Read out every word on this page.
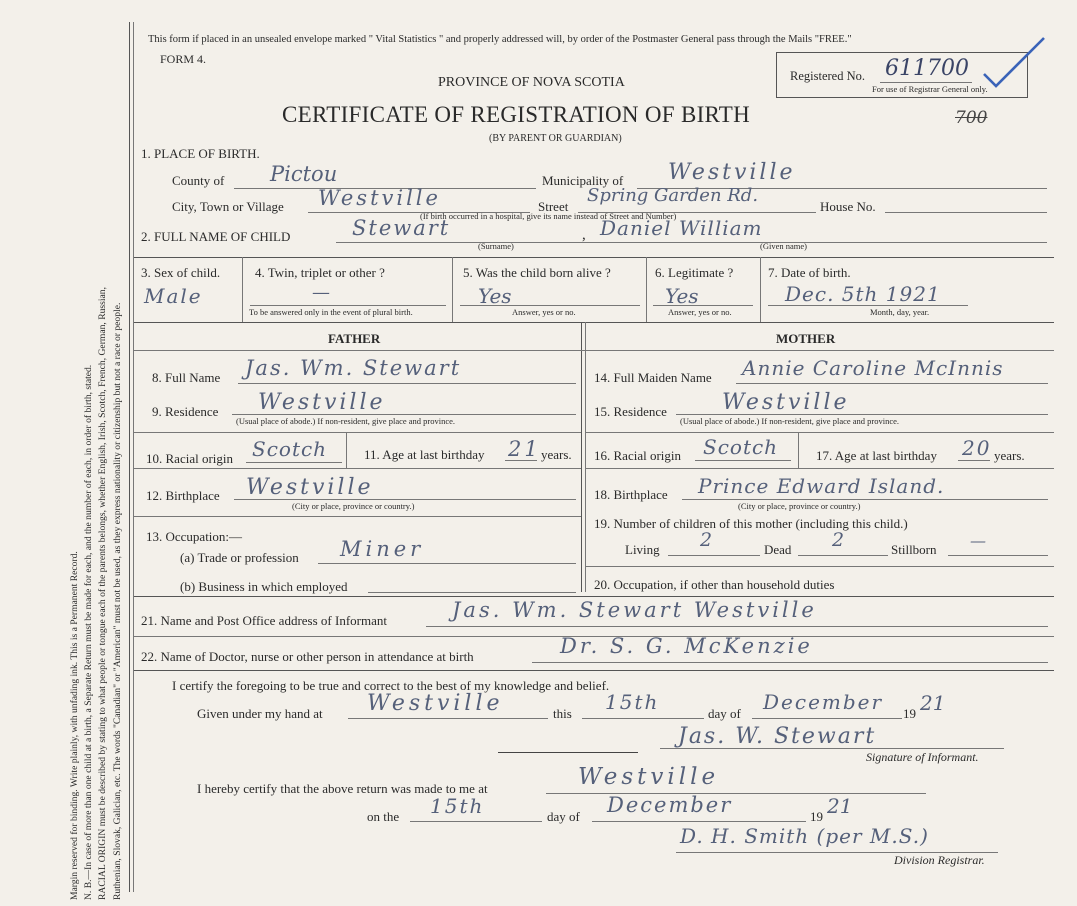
Margin reserved for binding. Write plainly, with unfading ink. This is a Permanent Record. N. B.—In case of more than one child at a birth, a Separate Return must be made for each, and the number of each, in order of birth, stated. RACIAL ORIGIN must be described by stating to what people or tongue each of the parents belongs, whether English, Irish, Scotch, French, German, Russian, Ruthenian, Slovak, Galician, etc. The words "Canadian" or "American" must not be used, as they express nationality or citizenship but not a race or people.
This form if placed in an unsealed envelope marked " Vital Statistics " and properly addressed will, by order of the Postmaster General pass through the Mails "FREE."
FORM 4.
PROVINCE OF NOVA SCOTIA
CERTIFICATE OF REGISTRATION OF BIRTH
(BY PARENT OR GUARDIAN)
Registered No. 611700
For use of Registrar General only.
700
1. PLACE OF BIRTH.
County of Pictou	Municipality of Westville
City, Town or Village Westville	Street
Spring Garden Rd.
House No.
(If birth occurred in a hospital, give its name instead of Street and Number)
2. FULL NAME OF CHILD	Stewart	, Daniel William
(Surname)	(Given name)
3. Sex of child.
Male
4. Twin, triplet or other ?
—
To be answered only in the event of plural birth.
5. Was the child born alive ?
Yes
Answer, yes or no.
6. Legitimate ?
Yes
Answer, yes or no.
7. Date of birth.
Dec. 5th 1921
Month, day, year.
FATHER	MOTHER
8. Full Name Jas. Wm. Stewart
9. Residence Westville
(Usual place of abode.) If non-resident, give place and province.
10. Racial origin Scotch	11. Age at last birthday 21 years.
12. Birthplace Westville
(City or place, province or country.)
13. Occupation:—
(a) Trade or profession Miner
(b) Business in which employed
14. Full Maiden Name Annie Caroline McInnis
15. Residence	Westville
(Usual place of abode.) If non-resident, give place and province.
16. Racial origin Scotch	17. Age at last birthday 20 years.
18. Birthplace Prince Edward Island.
(City or place, province or country.)
19. Number of children of this mother (including this child.)
Living 2	Dead 2	Stillborn —
20. Occupation, if other than household duties
21. Name and Post Office address of Informant	Jas. Wm. Stewart Westville
22. Name of Doctor, nurse or other person in attendance at birth	Dr. S. G. McKenzie
I certify the foregoing to be true and correct to the best of my knowledge and belief.
Given under my hand at Westville	this 15th	day of December 19 21
Jas. W. Stewart
Signature of Informant.
I hereby certify that the above return was made to me at	Westville
on the 15th	day of December	19 21
D. H. Smith (per M.S.)
Division Registrar.
